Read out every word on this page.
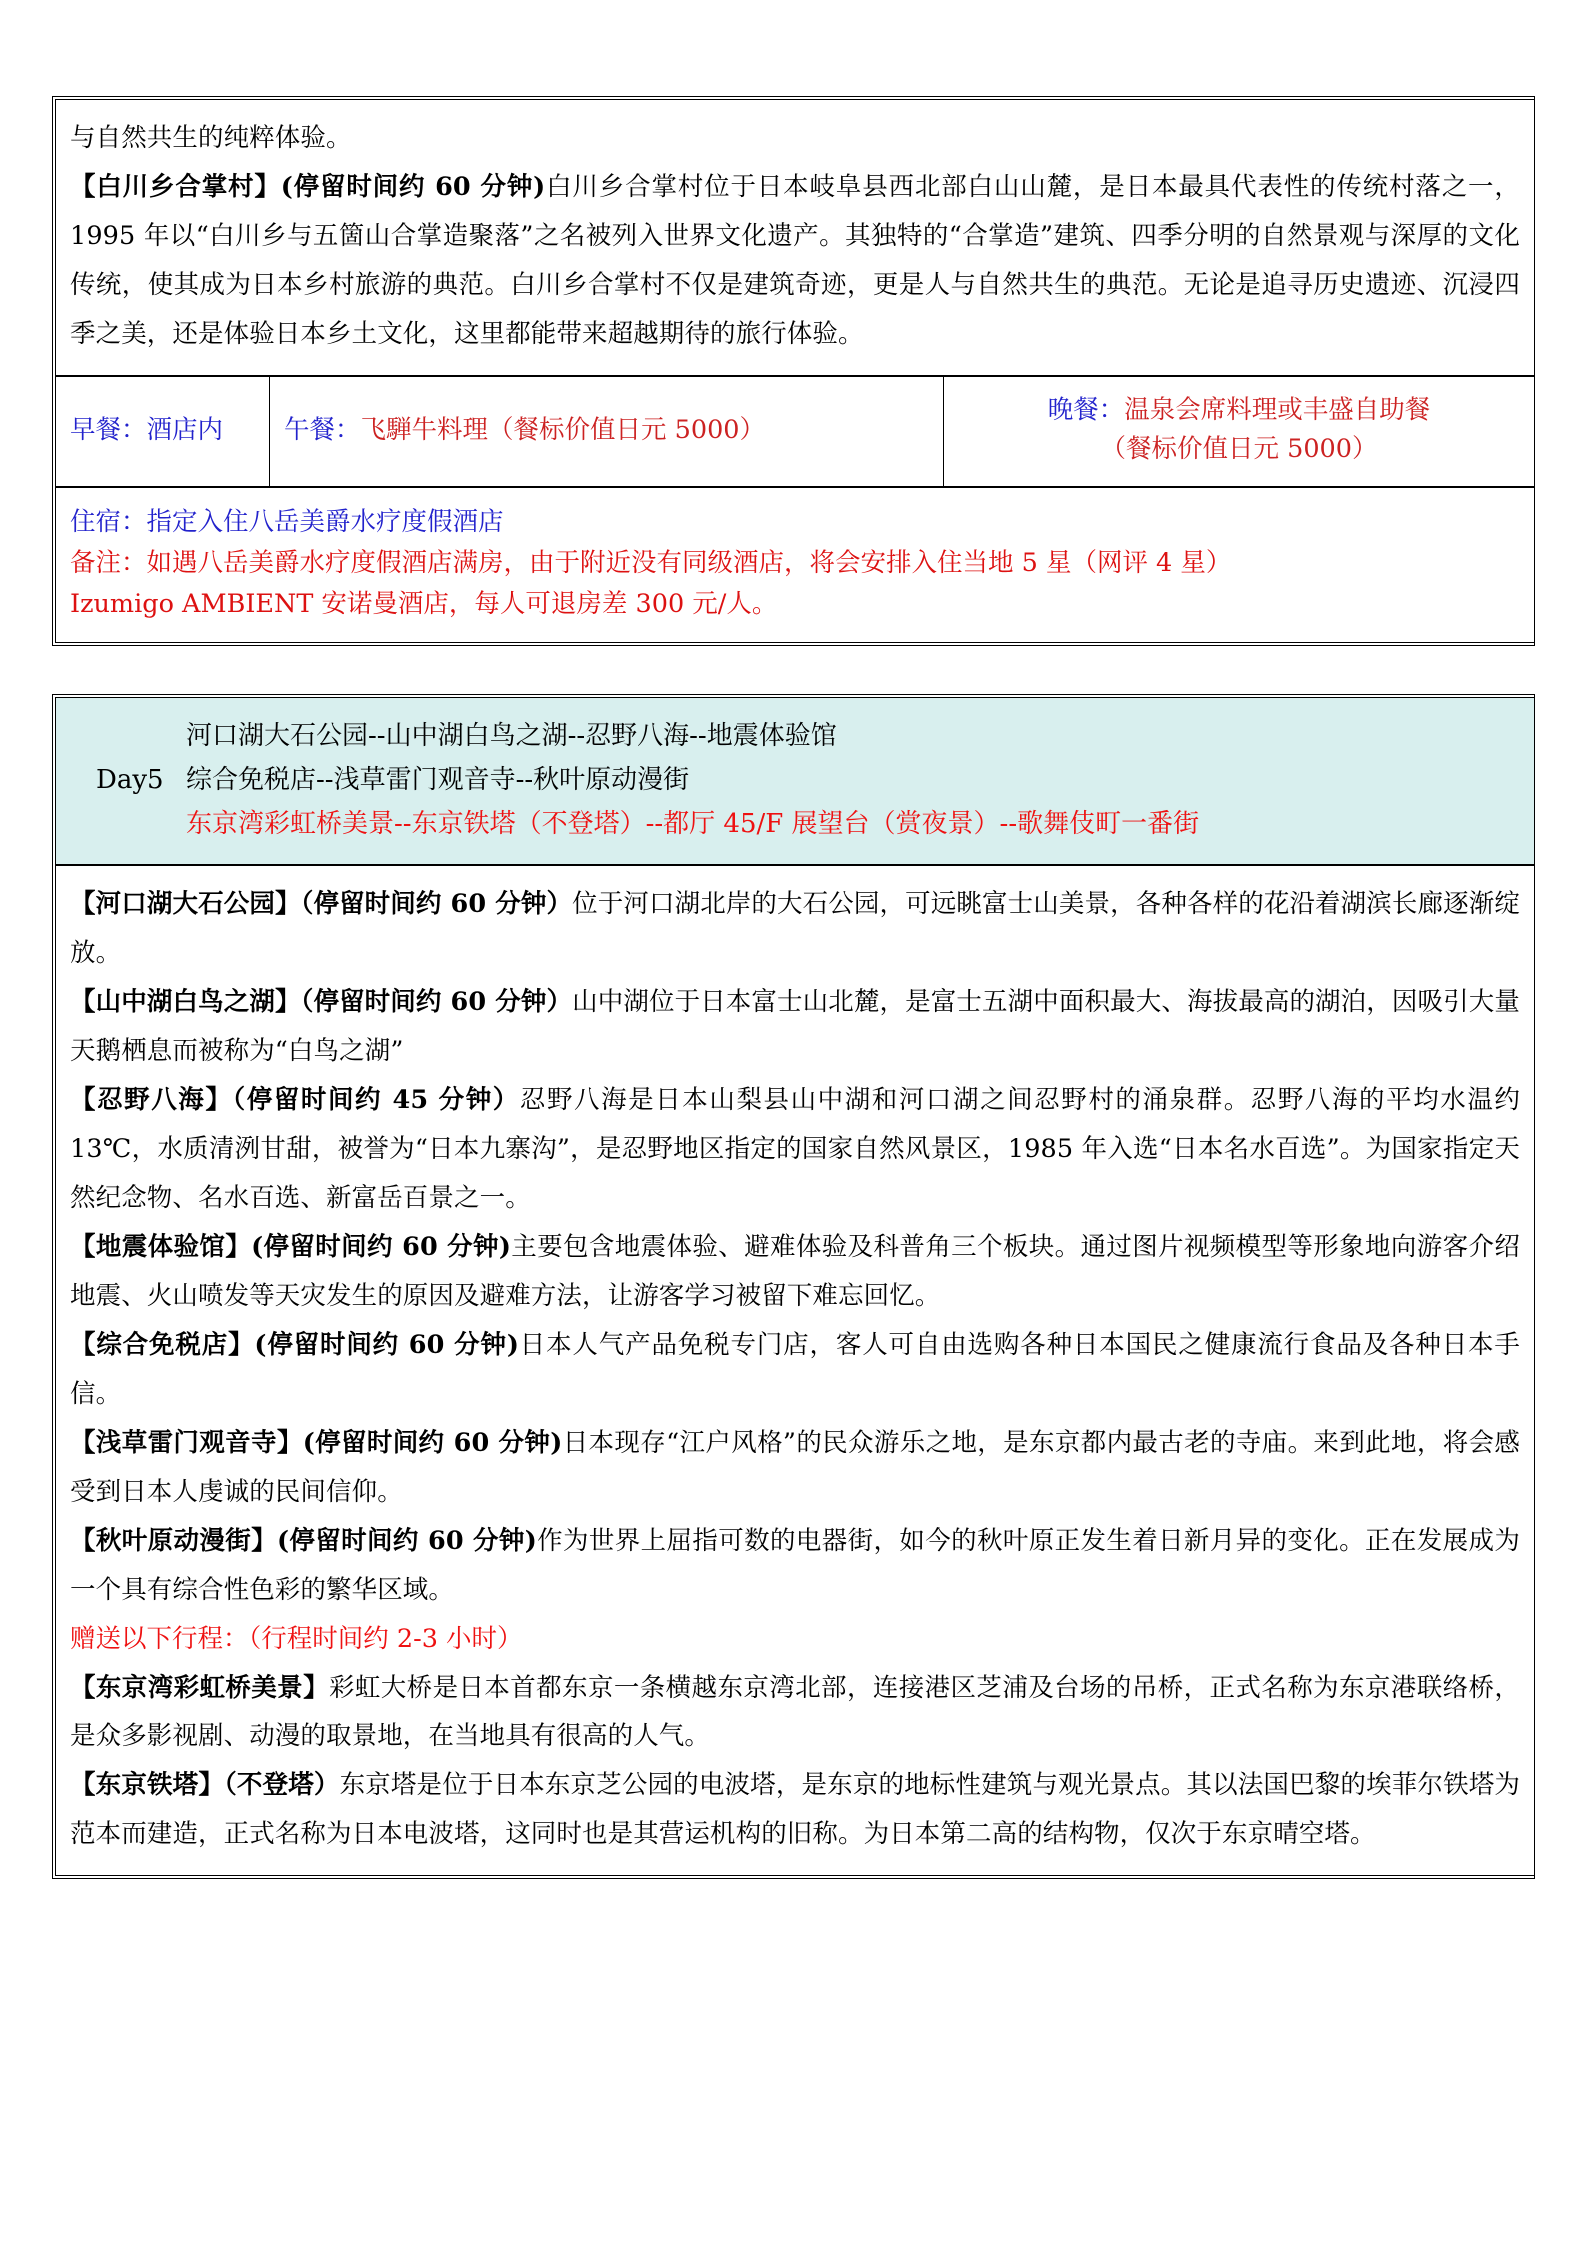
与自然共生的纯粹体验。

【白川乡合掌村】(停留时间约 60 分钟)白川乡合掌村位于日本岐阜县西北部白山山麓，是日本最具代表性的传统村落之一，1995 年以“白川乡与五箇山合掌造聚落”之名被列入世界文化遗产。其独特的“合掌造”建筑、四季分明的自然景观与深厚的文化传统，使其成为日本乡村旅游的典范。白川乡合掌村不仅是建筑奇迹，更是人与自然共生的典范。无论是追寻历史遗迹、沉浸四季之美，还是体验日本乡土文化，这里都能带来超越期待的旅行体验。

早餐：酒店内	午餐：飞騨牛料理（餐标价值日元 5000）	晚餐：温泉会席料理或丰盛自助餐
（餐标价值日元 5000）

住宿：指定入住八岳美爵水疗度假酒店

备注：如遇八岳美爵水疗度假酒店满房，由于附近没有同级酒店，将会安排入住当地 5 星（网评 4 星）

Izumigo AMBIENT 安诺曼酒店，每人可退房差 300 元/人。

Day5
河口湖大石公园--山中湖白鸟之湖--忍野八海--地震体验馆
综合免税店--浅草雷门观音寺--秋叶原动漫街
东京湾彩虹桥美景--东京铁塔（不登塔）--都厅 45/F 展望台（赏夜景）--歌舞伎町一番街

【河口湖大石公园】（停留时间约 60 分钟）位于河口湖北岸的大石公园，可远眺富士山美景，各种各样的花沿着湖滨长廊逐渐绽放。

【山中湖白鸟之湖】（停留时间约 60 分钟）山中湖位于日本富士山北麓，是富士五湖中面积最大、海拔最高的湖泊，因吸引大量天鹅栖息而被称为“白鸟之湖”

【忍野八海】（停留时间约 45 分钟）忍野八海是日本山梨县山中湖和河口湖之间忍野村的涌泉群。忍野八海的平均水温约 13℃，水质清洌甘甜，被誉为“日本九寨沟”，是忍野地区指定的国家自然风景区，1985 年入选“日本名水百选”。为国家指定天然纪念物、名水百选、新富岳百景之一。

【地震体验馆】(停留时间约 60 分钟)主要包含地震体验、避难体验及科普角三个板块。通过图片视频模型等形象地向游客介绍地震、火山喷发等天灾发生的原因及避难方法，让游客学习被留下难忘回忆。

【综合免税店】(停留时间约 60 分钟)日本人气产品免税专门店，客人可自由选购各种日本国民之健康流行食品及各种日本手信。

【浅草雷门观音寺】(停留时间约 60 分钟)日本现存“江户风格”的民众游乐之地，是东京都内最古老的寺庙。来到此地，将会感受到日本人虔诚的民间信仰。

【秋叶原动漫街】(停留时间约 60 分钟)作为世界上屈指可数的电器街，如今的秋叶原正发生着日新月异的变化。正在发展成为一个具有综合性色彩的繁华区域。

赠送以下行程：（行程时间约 2-3 小时）

【东京湾彩虹桥美景】彩虹大桥是日本首都东京一条横越东京湾北部，连接港区芝浦及台场的吊桥，正式名称为东京港联络桥，是众多影视剧、动漫的取景地，在当地具有很高的人气。

【东京铁塔】（不登塔）东京塔是位于日本东京芝公园的电波塔，是东京的地标性建筑与观光景点。其以法国巴黎的埃菲尔铁塔为范本而建造，正式名称为日本电波塔，这同时也是其营运机构的旧称。为日本第二高的结构物，仅次于东京晴空塔。
